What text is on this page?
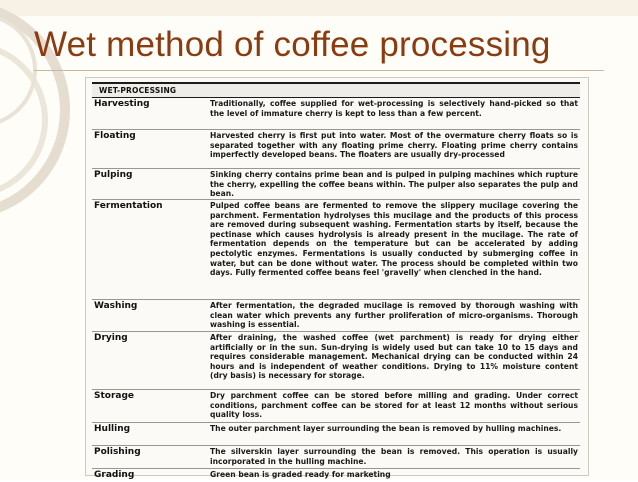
Wet method of coffee processing
WET-PROCESSING
Harvesting	Traditionally, coffee supplied for wet-processing is selectively hand-picked so that the level of immature cherry is kept to less than a few percent.
Floating	Harvested cherry is first put into water. Most of the overmature cherry floats so is separated together with any floating prime cherry. Floating prime cherry contains imperfectly developed beans. The floaters are usually dry-processed
Pulping	Sinking cherry contains prime bean and is pulped in pulping machines which rupture the cherry, expelling the coffee beans within. The pulper also separates the pulp and bean.
Fermentation	Pulped coffee beans are fermented to remove the slippery mucilage covering the parchment. Fermentation hydrolyses this mucilage and the products of this process are removed during subsequent washing. Fermentation starts by itself, because the pectinase which causes hydrolysis is already present in the mucilage. The rate of fermentation depends on the temperature but can be accelerated by adding pectolytic enzymes. Fermentations is usually conducted by submerging coffee in water, but can be done without water. The process should be completed within two days. Fully fermented coffee beans feel 'gravelly' when clenched in the hand.
Washing	After fermentation, the degraded mucilage is removed by thorough washing with clean water which prevents any further proliferation of micro-organisms. Thorough washing is essential.
Drying	After draining, the washed coffee (wet parchment) is ready for drying either artificially or in the sun. Sun-drying is widely used but can take 10 to 15 days and requires considerable management. Mechanical drying can be conducted within 24 hours and is independent of weather conditions. Drying to 11% moisture content (dry basis) is necessary for storage.
Storage	Dry parchment coffee can be stored before milling and grading. Under correct conditions, parchment coffee can be stored for at least 12 months without serious quality loss.
Hulling	The outer parchment layer surrounding the bean is removed by hulling machines.
Polishing	The silverskin layer surrounding the bean is removed. This operation is usually incorporated in the hulling machine.
Grading	Green bean is graded ready for marketing
